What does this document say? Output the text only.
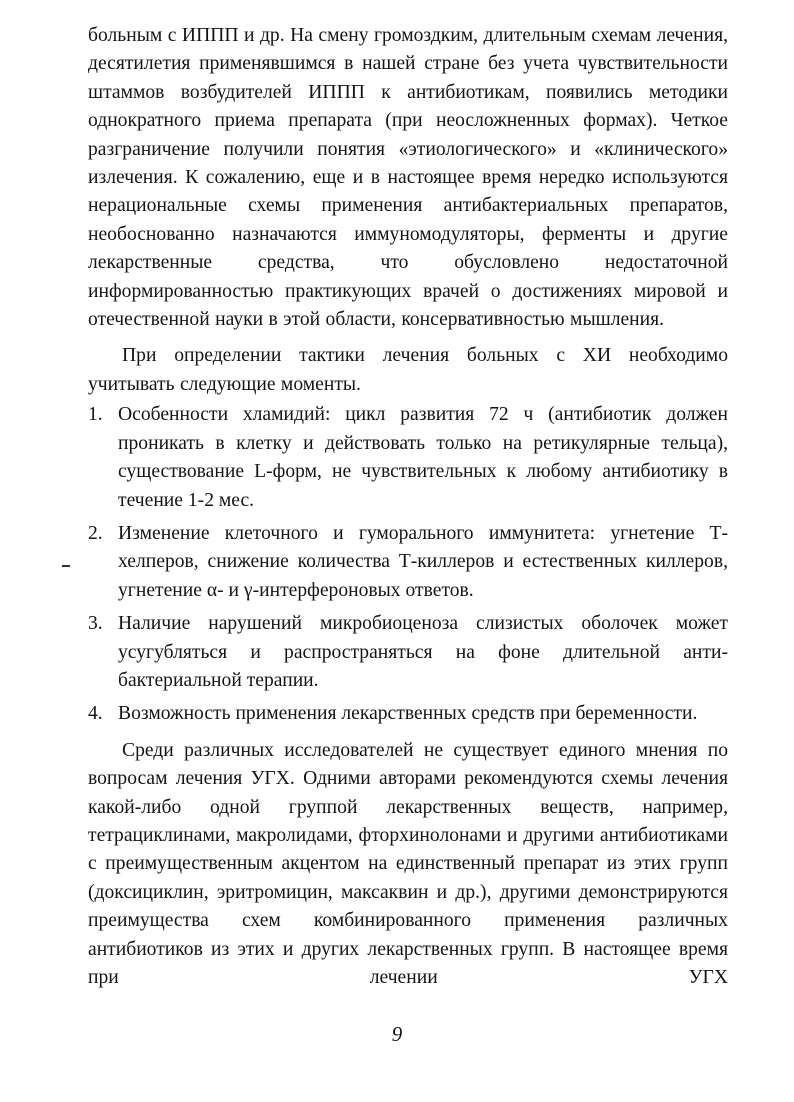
больным с ИППП и др. На смену громоздким, длительным схемам лечения, десятилетия применявшимся в нашей стране без учета чувствительности штаммов возбудителей ИППП к антибиотикам, появились методики однократного приема препарата (при неосложненных формах). Четкое разграничение получили понятия «этиологического» и «клинического» излечения. К сожалению, еще и в настоящее время нередко используются нерациональные схемы применения антибактериальных препаратов, необоснованно назначаются иммуномодуляторы, ферменты и другие лекарственные средства, что обусловлено недостаточной информированностью практикующих врачей о достижениях мировой и отечественной науки в этой области, консервативностью мышления.

При определении тактики лечения больных с ХИ необходимо учитывать следующие моменты.

1. Особенности хламидий: цикл развития 72 ч (антибиотик должен проникать в клетку и действовать только на ретикулярные тельца), существование L-форм, не чувствительных к любому антибиотику в течение 1-2 мес.
2. Изменение клеточного и гуморального иммунитета: угнетение Т-хелперов, снижение количества Т-киллеров и естественных киллеров, угнетение α- и γ-интерфероновых ответов.
3. Наличие нарушений микробиоценоза слизистых оболочек может усугубляться и распространяться на фоне длительной антибактериальной терапии.
4. Возможность применения лекарственных средств при беременности.

Среди различных исследователей не существует единого мнения по вопросам лечения УГХ. Одними авторами рекомендуются схемы лечения какой-либо одной группой лекарственных веществ, например, тетрациклинами, макролидами, фторхинолонами и другими антибиотиками с преимущественным акцентом на единственный препарат из этих групп (доксициклин, эритромицин, максаквин и др.), другими демонстрируются преимущества схем комбинированного применения различных антибиотиков из этих и других лекарственных групп. В настоящее время при лечении УГХ

9
